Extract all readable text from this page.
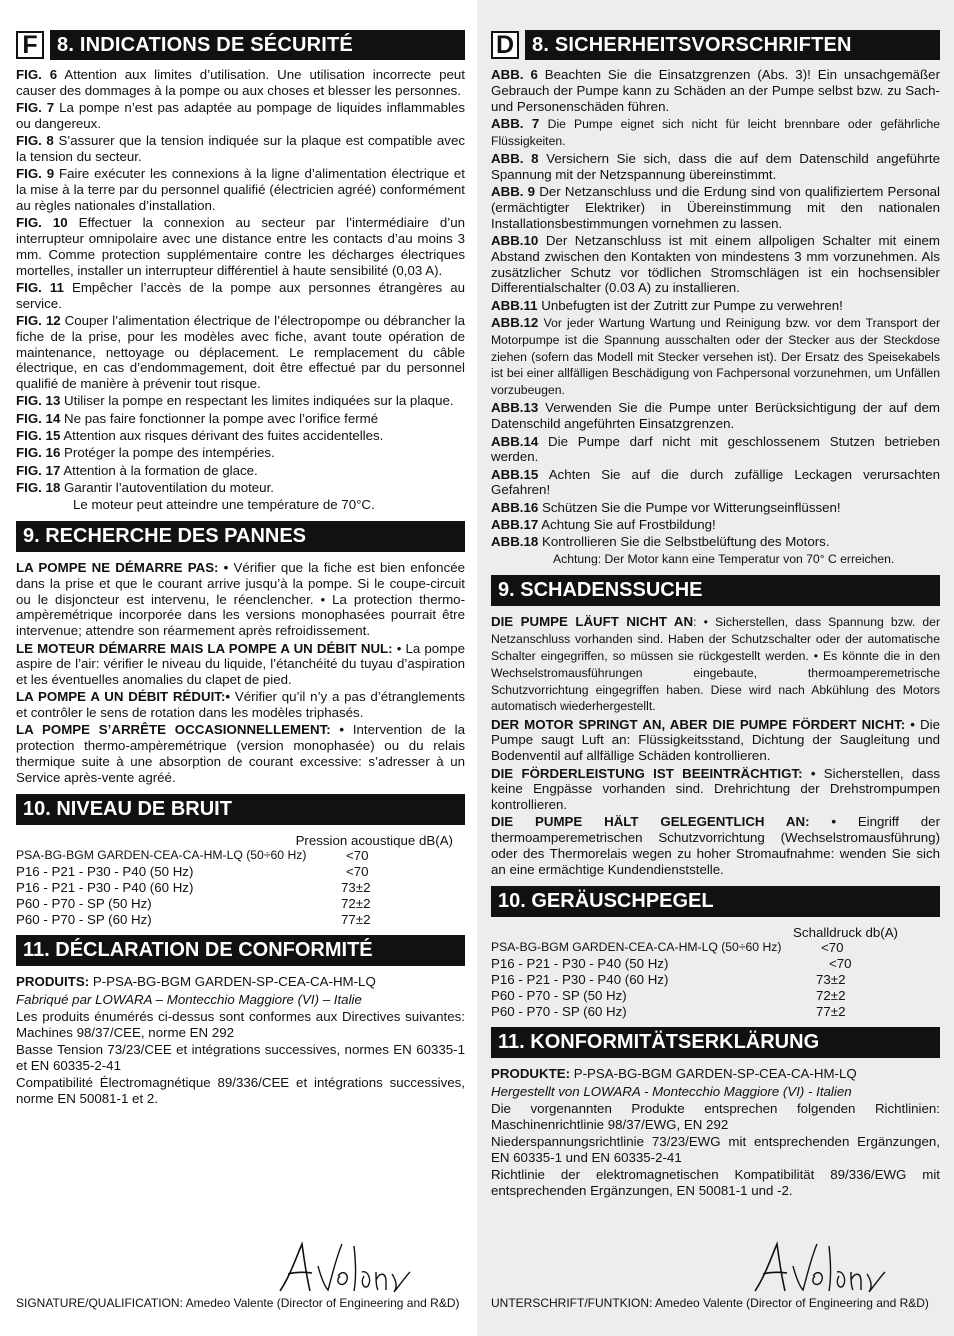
F 8. INDICATIONS DE SÉCURITÉ

FIG. 6 Attention aux limites d’utilisation. Une utilisation incorrecte peut causer des dommages à la pompe ou aux choses et blesser les personnes.

FIG. 7 La pompe n’est pas adaptée au pompage de liquides inflammables ou dangereux.

FIG. 8 S’assurer que la tension indiquée sur la plaque est compatible avec la tension du secteur.

FIG. 9 Faire exécuter les connexions à la ligne d’alimentation électrique et la mise à la terre par du personnel qualifié (électricien agréé) conformément au règles nationales d’installation.

FIG. 10 Effectuer la connexion au secteur par l’intermédiaire d’un interrupteur omnipolaire avec une distance entre les contacts d’au moins 3 mm. Comme protection supplémentaire contre les décharges électriques mortelles, installer un interrupteur différentiel à haute sensibilité (0,03 A).

FIG. 11 Empêcher l’accès de la pompe aux personnes étrangères au service.

FIG. 12 Couper l’alimentation électrique de l’électropompe ou débrancher la fiche de la prise, pour les modèles avec fiche, avant toute opération de maintenance, nettoyage ou déplacement. Le remplacement du câble électrique, en cas d’endommagement, doit être effectué par du personnel qualifié de manière à prévenir tout risque.

FIG. 13 Utiliser la pompe en respectant les limites indiquées sur la plaque.

FIG. 14 Ne pas faire fonctionner la pompe avec l’orifice fermé

FIG. 15 Attention aux risques dérivant des fuites accidentelles.

FIG. 16 Protéger la pompe des intempéries.

FIG. 17 Attention à la formation de glace.

FIG. 18 Garantir l’autoventilation du moteur.

Le moteur peut atteindre une température de 70°C.

9. RECHERCHE DES PANNES

LA POMPE NE DÉMARRE PAS: • Vérifier que la fiche est bien enfoncée dans la prise et que le courant arrive jusqu’à la pompe. Si le coupe-circuit ou le disjoncteur est intervenu, le réenclencher. • La protection thermo-ampèremétrique incorporée dans les versions monophasées pourrait être intervenue; attendre son réarmement après refroidissement.

LE MOTEUR DÉMARRE MAIS LA POMPE A UN DÉBIT NUL: • La pompe aspire de l’air: vérifier le niveau du liquide, l’étanchéité du tuyau d’aspiration et les éventuelles anomalies du clapet de pied.

LA POMPE A UN DÉBIT RÉDUIT:• Vérifier qu’il n’y a pas d’étranglements et contrôler le sens de rotation dans les modèles triphasés.

LA POMPE S’ARRÊTE OCCASIONNELLEMENT: • Intervention de la protection thermo-ampèremétrique (version monophasée) ou du relais thermique suite à une absorption de courant excessive: s’adresser à un Service après-vente agréé.

10. NIVEAU DE BRUIT
Pression acoustique dB(A)
PSA-BG-BGM GARDEN-CEA-CA-HM-LQ (50÷60 Hz)	<70
P16 - P21 - P30 - P40 (50 Hz)	<70
P16 - P21 - P30 - P40 (60 Hz)	73±2
P60 - P70 - SP (50 Hz)	72±2
P60 - P70 - SP (60 Hz)	77±2
11. DÉCLARATION DE CONFORMITÉ

PRODUITS: P-PSA-BG-BGM GARDEN-SP-CEA-CA-HM-LQ

Fabriqué par LOWARA – Montecchio Maggiore (VI) – Italie

Les produits énumérés ci-dessus sont conformes aux Directives suivantes: Machines 98/37/CEE, norme EN 292

Basse Tension 73/23/CEE et intégrations successives, normes EN 60335-1 et EN 60335-2-41

Compatibilité Électromagnétique 89/336/CEE et intégrations successives, norme EN 50081-1 et 2.

SIGNATURE/QUALIFICATION: Amedeo Valente (Director of Engineering and R&D)
D 8. SICHERHEITSVORSCHRIFTEN

ABB. 6 Beachten Sie die Einsatzgrenzen (Abs. 3)! Ein unsachgemäßer Gebrauch der Pumpe kann zu Schäden an der Pumpe selbst bzw. zu Sach- und Personenschäden führen.

ABB. 7 Die Pumpe eignet sich nicht für leicht brennbare oder gefährliche Flüssigkeiten.

ABB. 8 Versichern Sie sich, dass die auf dem Datenschild angeführte Spannung mit der Netzspannung übereinstimmt.

ABB. 9 Der Netzanschluss und die Erdung sind von qualifiziertem Personal (ermächtigter Elektriker) in Übereinstimmung mit den nationalen Installationsbestimmungen vornehmen zu lassen.

ABB.10 Der Netzanschluss ist mit einem allpoligen Schalter mit einem Abstand zwischen den Kontakten von mindestens 3 mm vorzunehmen. Als zusätzlicher Schutz vor tödlichen Stromschlägen ist ein hochsensibler Differentialschalter (0.03 A) zu installieren.

ABB.11 Unbefugten ist der Zutritt zur Pumpe zu verwehren!

ABB.12 Vor jeder Wartung Wartung und Reinigung bzw. vor dem Transport der Motorpumpe ist die Spannung ausschalten oder der Stecker aus der Steckdose ziehen (sofern das Modell mit Stecker versehen ist). Der Ersatz des Speisekabels ist bei einer allfälligen Beschädigung von Fachpersonal vorzunehmen, um Unfällen vorzubeugen.

ABB.13 Verwenden Sie die Pumpe unter Berücksichtigung der auf dem Datenschild angeführten Einsatzgrenzen.

ABB.14 Die Pumpe darf nicht mit geschlossenem Stutzen betrieben werden.

ABB.15 Achten Sie auf die durch zufällige Leckagen verursachten Gefahren!

ABB.16 Schützen Sie die Pumpe vor Witterungseinflüssen!

ABB.17 Achtung Sie auf Frostbildung!

ABB.18 Kontrollieren Sie die Selbstbelüftung des Motors.

Achtung: Der Motor kann eine Temperatur von 70° C erreichen.

9. SCHADENSSUCHE

DIE PUMPE LÄUFT NICHT AN: • Sicherstellen, dass Spannung bzw. der Netzanschluss vorhanden sind. Haben der Schutzschalter oder der automatische Schalter eingegriffen, so müssen sie rückgestellt werden. • Es könnte die in den Wechselstromausführungen eingebaute, thermoamperemetrische Schutzvorrichtung eingegriffen haben. Diese wird nach Abkühlung des Motors automatisch wiederhergestellt.

DER MOTOR SPRINGT AN, ABER DIE PUMPE FÖRDERT NICHT: • Die Pumpe saugt Luft an: Flüssigkeitsstand, Dichtung der Saugleitung und Bodenventil auf allfällige Schäden kontrollieren.

DIE FÖRDERLEISTUNG IST BEEINTRÄCHTIGT: • Sicherstellen, dass keine Engpässe vorhanden sind. Drehrichtung der Drehstrompumpen kontrollieren.

DIE PUMPE HÄLT GELEGENTLICH AN: • Eingriff der thermoamperemetrischen Schutzvorrichtung (Wechselstromausführung) oder des Thermorelais wegen zu hoher Stromaufnahme: wenden Sie sich an eine ermächtige Kundendienststelle.

10. GERÄUSCHPEGEL
Schalldruck db(A)
PSA-BG-BGM GARDEN-CEA-CA-HM-LQ (50÷60 Hz)	<70
P16 - P21 - P30 - P40 (50 Hz)	<70
P16 - P21 - P30 - P40 (60 Hz)	73±2
P60 - P70 - SP (50 Hz)	72±2
P60 - P70 - SP (60 Hz)	77±2
11. KONFORMITÄTSERKLÄRUNG

PRODUKTE: P-PSA-BG-BGM GARDEN-SP-CEA-CA-HM-LQ

Hergestellt von LOWARA - Montecchio Maggiore (VI) - Italien

Die vorgenannten Produkte entsprechen folgenden Richtlinien: Maschinenrichtlinie 98/37/EWG, EN 292

Niederspannungsrichtlinie 73/23/EWG mit entsprechenden Ergänzungen, EN 60335-1 und EN 60335-2-41

Richtlinie der elektromagnetischen Kompatibilität 89/336/EWG mit entsprechenden Ergänzungen, EN 50081-1 und -2.

UNTERSCHRIFT/FUNTKION: Amedeo Valente (Director of Engineering and R&D)
